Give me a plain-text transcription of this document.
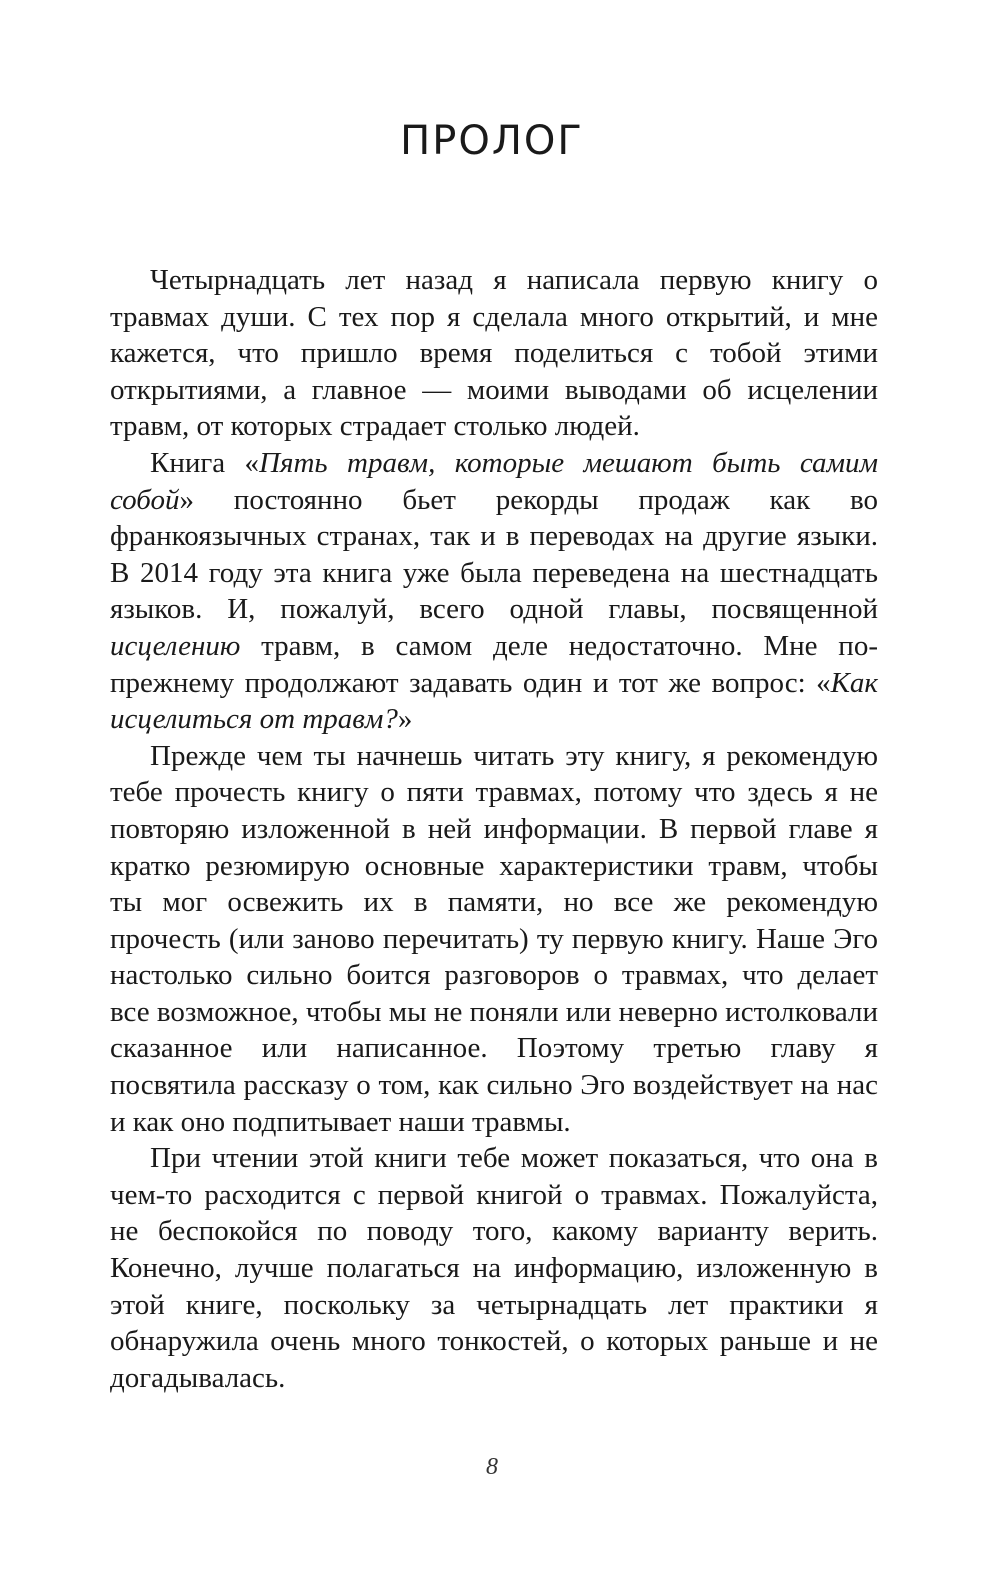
ПРОЛОГ

Четырнадцать лет назад я написала первую книгу о травмах души. С тех пор я сделала много открытий, и мне кажется, что пришло время поделиться с тобой этими открытиями, а главное — моими выводами об исцелении травм, от которых страдает столько людей.

Книга «Пять травм, которые мешают быть самим собой» постоянно бьет рекорды продаж как во франкоязычных странах, так и в переводах на другие языки. В 2014 году эта книга уже была переведена на шестнадцать языков. И, пожалуй, всего одной главы, посвященной исцелению травм, в самом деле недостаточно. Мне по-прежнему продолжают задавать один и тот же вопрос: «Как исцелиться от травм?»

Прежде чем ты начнешь читать эту книгу, я рекомендую тебе прочесть книгу о пяти травмах, потому что здесь я не повторяю изложенной в ней информации. В первой главе я кратко резюмирую основные характеристики травм, чтобы ты мог освежить их в памяти, но все же рекомендую прочесть (или заново перечитать) ту первую книгу. Наше Эго настолько сильно боится разговоров о травмах, что делает все возможное, чтобы мы не поняли или неверно истолковали сказанное или написанное. Поэтому третью главу я посвятила рассказу о том, как сильно Эго воздействует на нас и как оно подпитывает наши травмы.

При чтении этой книги тебе может показаться, что она в чем-то расходится с первой книгой о травмах. Пожалуйста, не беспокойся по поводу того, какому варианту верить. Конечно, лучше полагаться на информацию, изложенную в этой книге, поскольку за четырнадцать лет практики я обнаружила очень много тонкостей, о которых раньше и не догадывалась.

8
